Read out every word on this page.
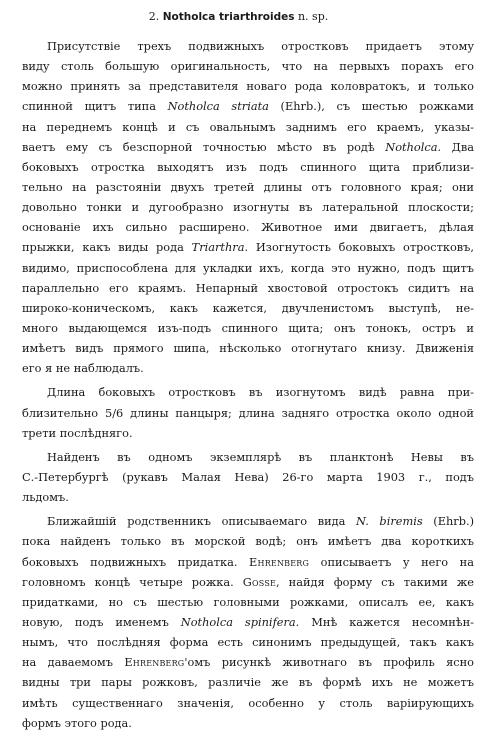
2. Notholca triarthroides n. sp.
Присутствiе трехъ подвижныхъ отростковъ придаетъ этому
виду столь большую оригинальность, что на первыхъ порахъ его
можно принять за представителя новаго рода коловратокъ, и только
спинной щитъ типа Notholca striata (Ehrb.), съ шестью рожками
на переднемъ концѣ и съ овальнымъ заднимъ его краемъ, указы-
ваетъ ему съ безспорной точностью мѣсто въ родѣ Notholca. Два
боковыхъ отростка выходятъ изъ подъ спинного щита приблизи-
тельно на разстоянiи двухъ третей длины отъ головного края; они
довольно тонки и дугообразно изогнуты въ латеральной плоскости;
основанiе ихъ сильно расширено. Животное ими двигаетъ, дѣлая
прыжки, какъ виды рода Triarthra. Изогнутость боковыхъ отростковъ,
видимо, приспособлена для укладки ихъ, когда это нужно, подъ щитъ
параллельно его краямъ. Непарный хвостовой отростокъ сидитъ на
широко-коническомъ, какъ кажется, двучленистомъ выступѣ, не-
много выдающемся изъ-подъ спинного щита; онъ тонокъ, остръ и
имѣетъ видъ прямого шипа, нѣсколько отогнутаго книзу. Движенiя
его я не наблюдалъ.
Длина боковыхъ отростковъ въ изогнутомъ видѣ равна при-
близительно 5/6 длины панцыря; длина задняго отростка около одной
трети послѣдняго.
Найденъ въ одномъ экземплярѣ въ планктонѣ Невы въ
С.-Петербургѣ (рукавъ Малая Нева) 26-го марта 1903 г., подъ
льдомъ.
Ближайшiй родственникъ описываемаго вида N. biremis (Ehrb.)
пока найденъ только въ морской водѣ; онъ имѣетъ два короткихъ
боковыхъ подвижныхъ придатка. Ehrenberg описываетъ у него на
головномъ концѣ четыре рожка. Gosse, найдя форму съ такими же
придатками, но съ шестью головными рожками, описалъ ее, какъ
новую, подъ именемъ Notholca spinifera. Мнѣ кажется несомнѣн-
нымъ, что послѣдняя форма есть синонимъ предыдущей, такъ какъ
на даваемомъ Ehrenberg'омъ рисункѣ животнаго въ профиль ясно
видны три пары рожковъ, различiе же въ формѣ ихъ не можетъ
имѣть существеннаго значенiя, особенно у столь варiирующихъ
формъ этого рода.
